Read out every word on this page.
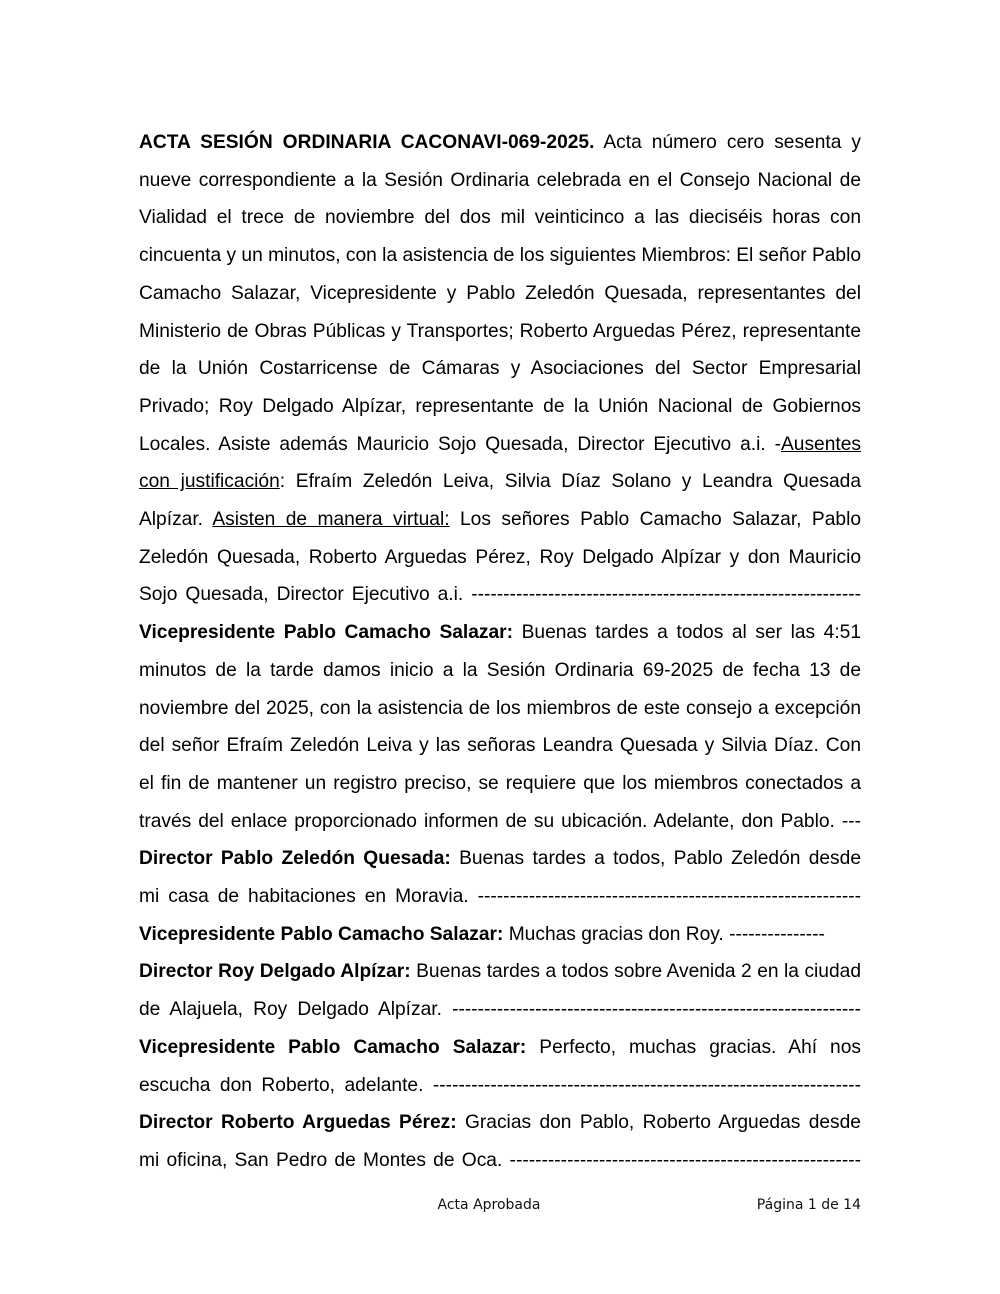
ACTA SESIÓN ORDINARIA CACONAVI-069-2025. Acta número cero sesenta y
nueve correspondiente a la Sesión Ordinaria celebrada en el Consejo Nacional de
Vialidad el trece de noviembre del dos mil veinticinco a las dieciséis horas con
cincuenta y un minutos, con la asistencia de los siguientes Miembros: El señor Pablo
Camacho Salazar, Vicepresidente y Pablo Zeledón Quesada, representantes del
Ministerio de Obras Públicas y Transportes; Roberto Arguedas Pérez, representante
de la Unión Costarricense de Cámaras y Asociaciones del Sector Empresarial
Privado; Roy Delgado Alpízar, representante de la Unión Nacional de Gobiernos
Locales. Asiste además Mauricio Sojo Quesada, Director Ejecutivo a.i. -Ausentes
con justificación: Efraím Zeledón Leiva, Silvia Díaz Solano y Leandra Quesada
Alpízar. Asisten de manera virtual: Los señores Pablo Camacho Salazar, Pablo
Zeledón Quesada, Roberto Arguedas Pérez, Roy Delgado Alpízar y don Mauricio
Sojo Quesada, Director Ejecutivo a.i. -------------------------------------------------------------
Vicepresidente Pablo Camacho Salazar: Buenas tardes a todos al ser las 4:51
minutos de la tarde damos inicio a la Sesión Ordinaria 69-2025 de fecha 13 de
noviembre del 2025, con la asistencia de los miembros de este consejo a excepción
del señor Efraím Zeledón Leiva y las señoras Leandra Quesada y Silvia Díaz. Con
el fin de mantener un registro preciso, se requiere que los miembros conectados a
través del enlace proporcionado informen de su ubicación. Adelante, don Pablo. ---
Director Pablo Zeledón Quesada: Buenas tardes a todos, Pablo Zeledón desde
mi casa de habitaciones en Moravia. ------------------------------------------------------------
Vicepresidente Pablo Camacho Salazar: Muchas gracias don Roy. ---------------
Director Roy Delgado Alpízar: Buenas tardes a todos sobre Avenida 2 en la ciudad
de Alajuela, Roy Delgado Alpízar. ----------------------------------------------------------------
Vicepresidente Pablo Camacho Salazar: Perfecto, muchas gracias. Ahí nos
escucha don Roberto, adelante. -------------------------------------------------------------------
Director Roberto Arguedas Pérez: Gracias don Pablo, Roberto Arguedas desde
mi oficina, San Pedro de Montes de Oca. -------------------------------------------------------
Acta Aprobada	Página 1 de 14
